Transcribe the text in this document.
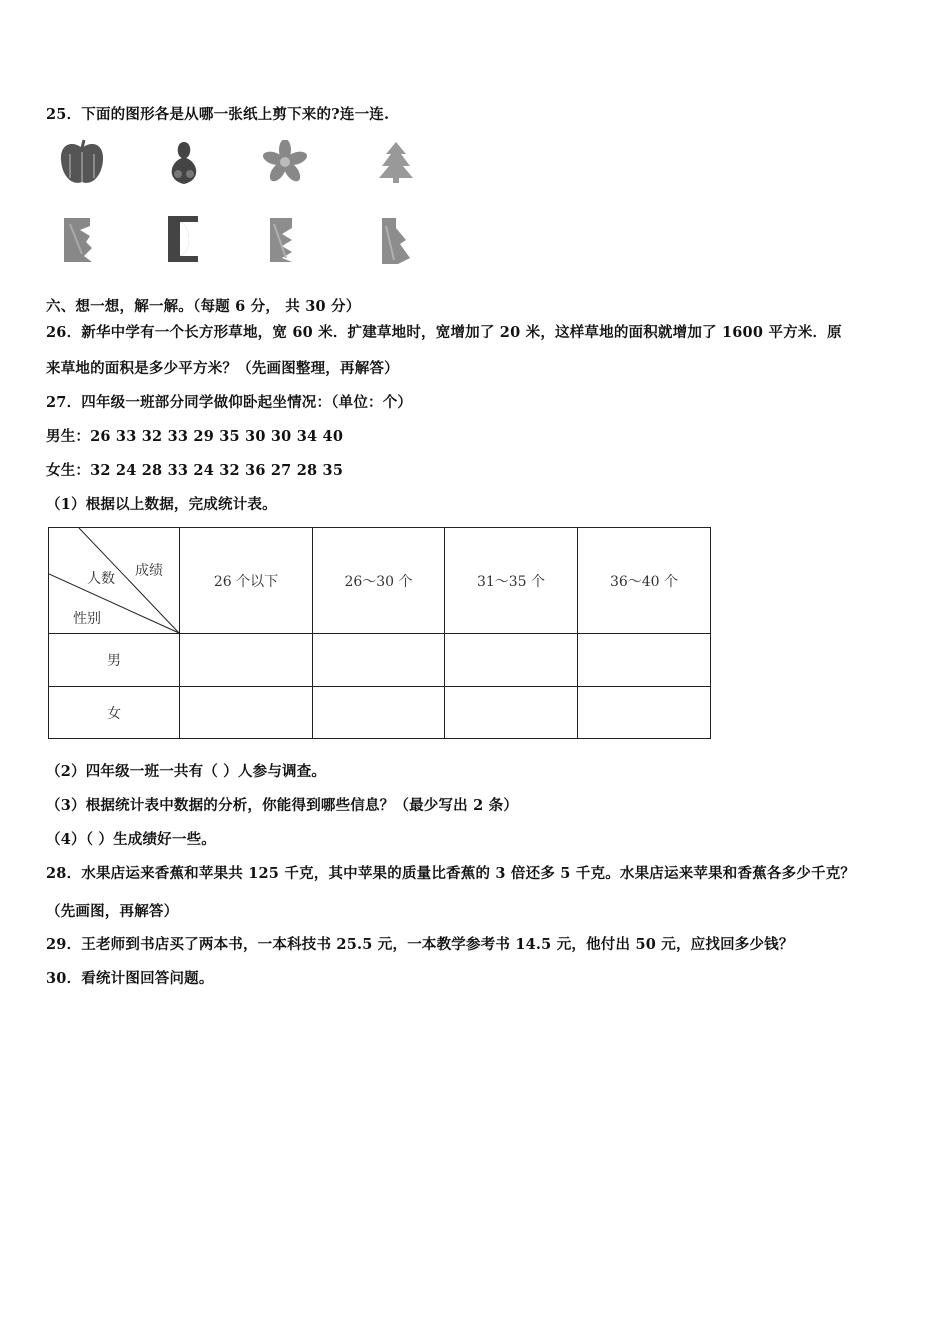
25．下面的图形各是从哪一张纸上剪下来的?连一连.
六、想一想，解一解。（每题 6 分， 共 30 分）
26．新华中学有一个长方形草地，宽 60 米．扩建草地时，宽增加了 20 米，这样草地的面积就增加了 1600 平方米．原
来草地的面积是多少平方米？（先画图整理，再解答）
27．四年级一班部分同学做仰卧起坐情况：（单位：个）
男生：26 33 32 33 29 35 30 30 34 40
女生：32 24 28 33 24 32 36 27 28 35
（1）根据以上数据，完成统计表。
成绩
人数
性别	26 个以下	26～30 个	31～35 个	36～40 个
男				
女				
（2）四年级一班一共有（ ）人参与调查。
（3）根据统计表中数据的分析，你能得到哪些信息？（最少写出 2 条）
（4）（ ）生成绩好一些。
28．水果店运来香蕉和苹果共 125 千克，其中苹果的质量比香蕉的 3 倍还多 5 千克。水果店运来苹果和香蕉各多少千克？
（先画图，再解答）
29．王老师到书店买了两本书，一本科技书 25.5 元，一本教学参考书 14.5 元，他付出 50 元，应找回多少钱？
30．看统计图回答问题。
